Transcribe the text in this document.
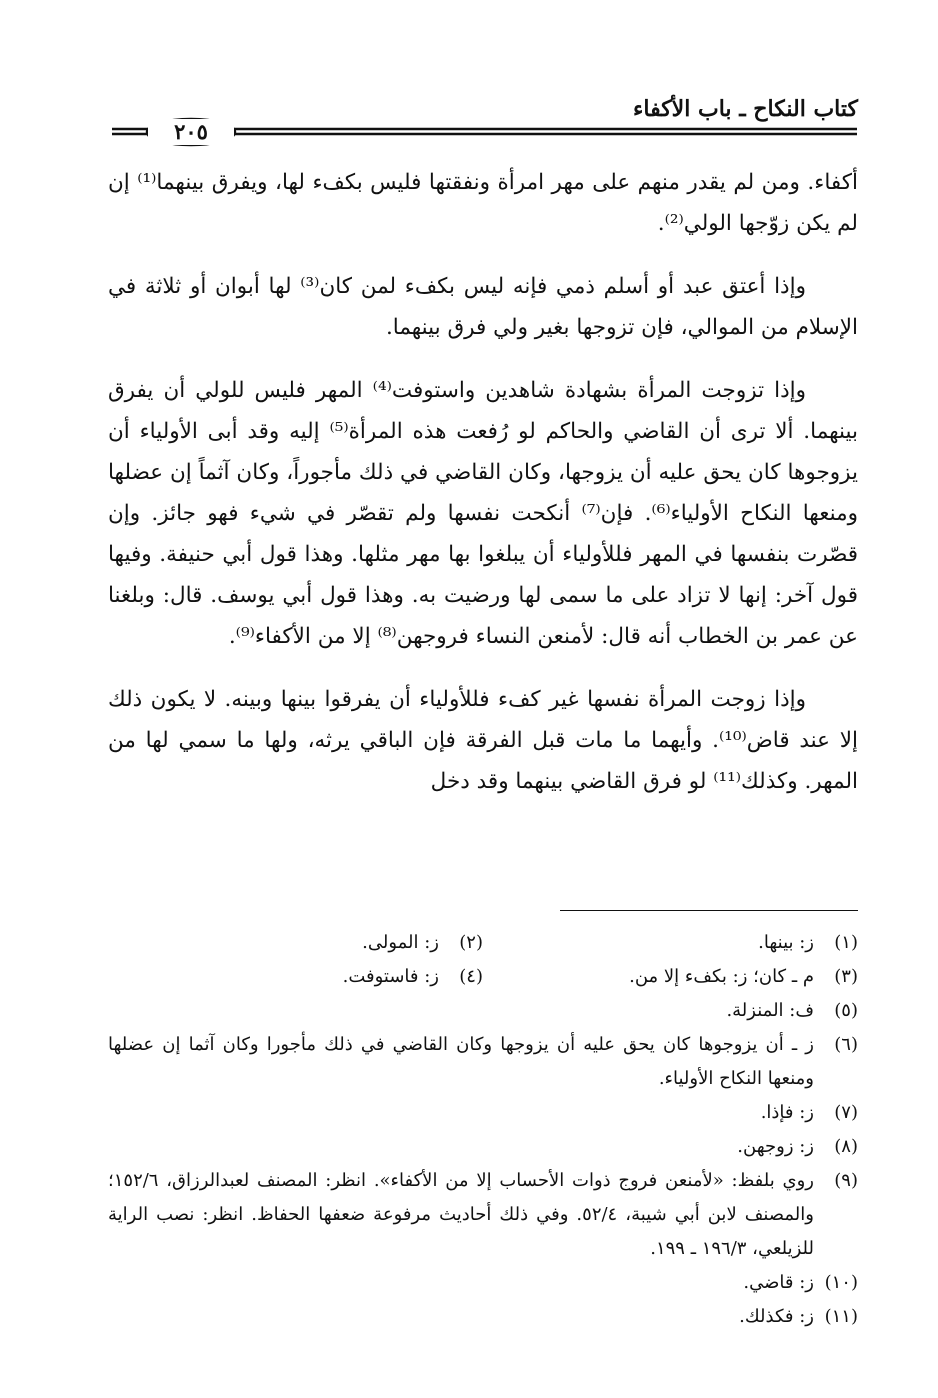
كتاب النكاح ـ باب الأكفاء
٢٠٥

أكفاء. ومن لم يقدر منهم على مهر امرأة ونفقتها فليس بكفء لها، ويفرق بينهما⁽¹⁾ إن لم يكن زوّجها الولي⁽²⁾.

وإذا أعتق عبد أو أسلم ذمي فإنه ليس بكفء لمن كان⁽³⁾ لها أبوان أو ثلاثة في الإسلام من الموالي، فإن تزوجها بغير ولي فرق بينهما.

وإذا تزوجت المرأة بشهادة شاهدين واستوفت⁽⁴⁾ المهر فليس للولي أن يفرق بينهما. ألا ترى أن القاضي والحاكم لو رُفعت هذه المرأة⁽⁵⁾ إليه وقد أبى الأولياء أن يزوجوها كان يحق عليه أن يزوجها، وكان القاضي في ذلك مأجوراً، وكان آثماً إن عضلها ومنعها النكاح الأولياء⁽⁶⁾. فإن⁽⁷⁾ أنكحت نفسها ولم تقصّر في شيء فهو جائز. وإن قصّرت بنفسها في المهر فللأولياء أن يبلغوا بها مهر مثلها. وهذا قول أبي حنيفة. وفيها قول آخر: إنها لا تزاد على ما سمى لها ورضيت به. وهذا قول أبي يوسف. قال: وبلغنا عن عمر بن الخطاب أنه قال: لأمنعن النساء فروجهن⁽⁸⁾ إلا من الأكفاء⁽⁹⁾.

وإذا زوجت المرأة نفسها غير كفء فللأولياء أن يفرقوا بينها وبينه. لا يكون ذلك إلا عند قاض⁽¹⁰⁾. وأيهما ما مات قبل الفرقة فإن الباقي يرثه، ولها ما سمي لها من المهر. وكذلك⁽¹¹⁾ لو فرق القاضي بينهما وقد دخل

(١)
ز: بينها.
(٢)
ز: المولى.
(٣)
م ـ كان؛ ز: بكفء إلا من.
(٤)
ز: فاستوفت.
(٥)
ف: المنزلة.
(٦)
ز ـ أن يزوجوها كان يحق عليه أن يزوجها وكان القاضي في ذلك مأجورا وكان آثما إن عضلها ومنعها النكاح الأولياء.
(٧)
ز: فإذا.
(٨)
ز: زوجهن.
(٩)
روي بلفظ: «لأمنعن فروج ذوات الأحساب إلا من الأكفاء». انظر: المصنف لعبدالرزاق، ١٥٢/٦؛ والمصنف لابن أبي شيبة، ٥٢/٤. وفي ذلك أحاديث مرفوعة ضعفها الحفاظ. انظر: نصب الراية للزيلعي، ١٩٦/٣ ـ ١٩٩.
(١٠)
ز: قاضي.
(١١)
ز: فكذلك.
